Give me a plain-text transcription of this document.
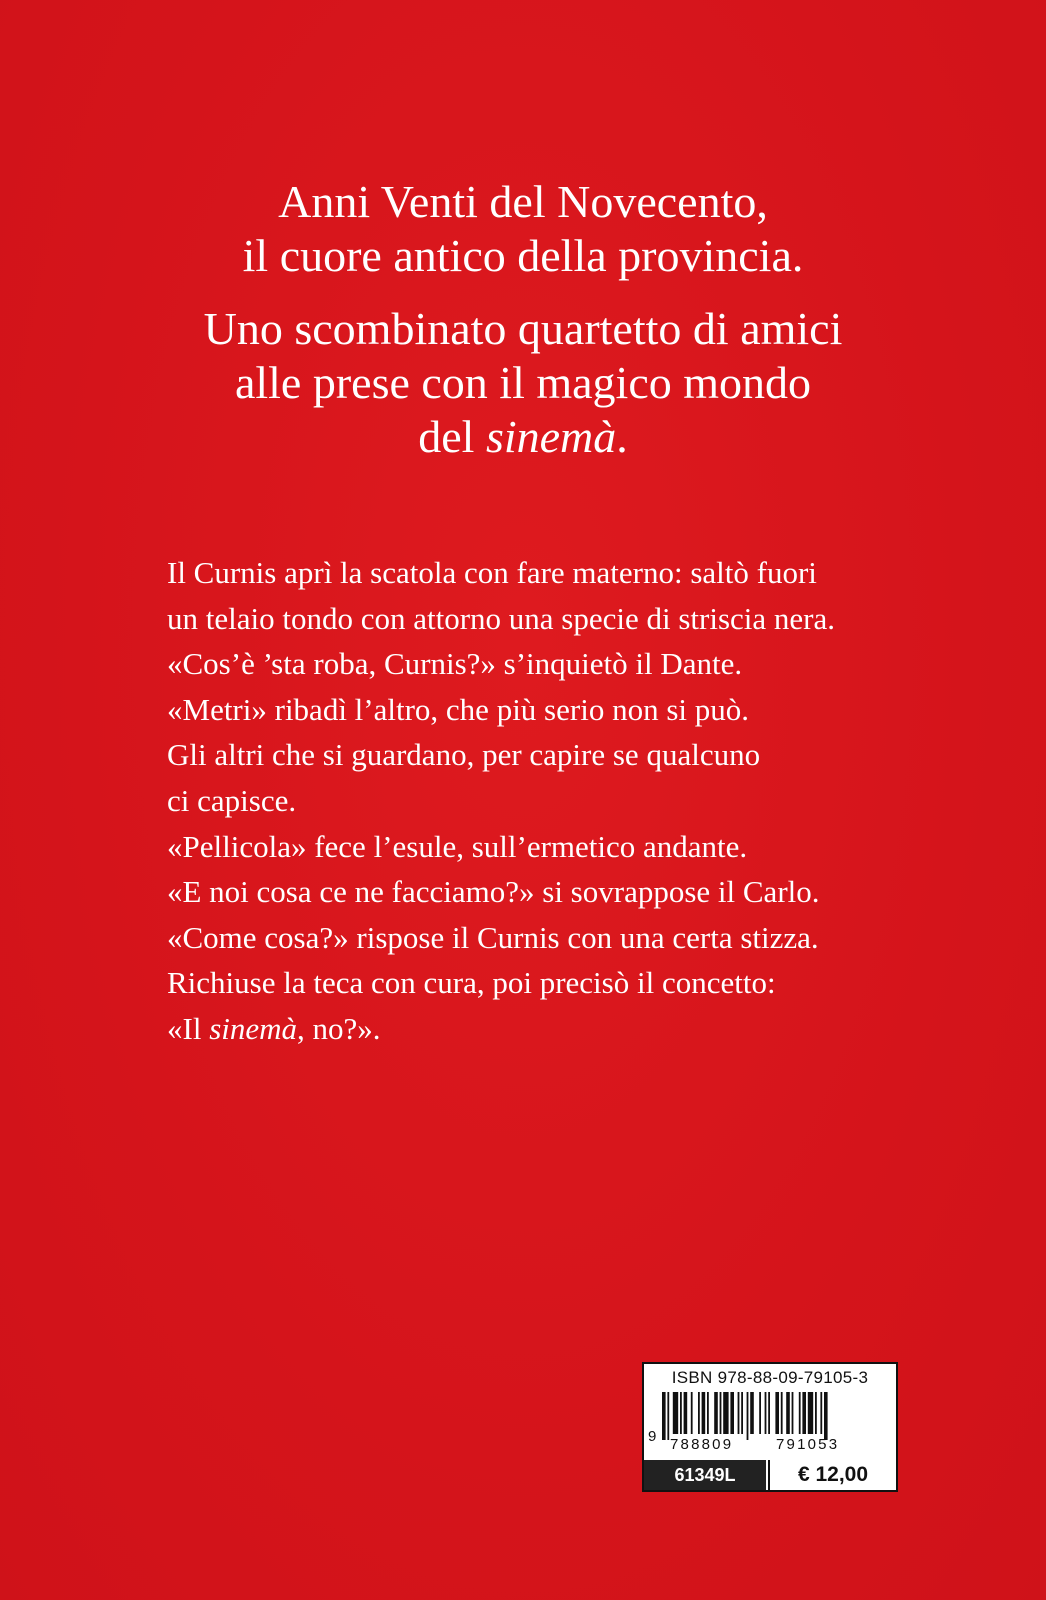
Anni Venti del Novecento,
il cuore antico della provincia.

Uno scombinato quartetto di amici
alle prese con il magico mondo
del sinemà.

Il Curnis aprì la scatola con fare materno: saltò fuori
un telaio tondo con attorno una specie di striscia nera.
«Cos’è ’sta roba, Curnis?» s’inquietò il Dante.
«Metri» ribadì l’altro, che più serio non si può.
Gli altri che si guardano, per capire se qualcuno
ci capisce.
«Pellicola» fece l’esule, sull’ermetico andante.
«E noi cosa ce ne facciamo?» si sovrappose il Carlo.
«Come cosa?» rispose il Curnis con una certa stizza.
Richiuse la teca con cura, poi precisò il concetto:
«Il sinemà, no?».
ISBN 978-88-09-79105-3
9 788809	791053
61349L	€ 12,00
